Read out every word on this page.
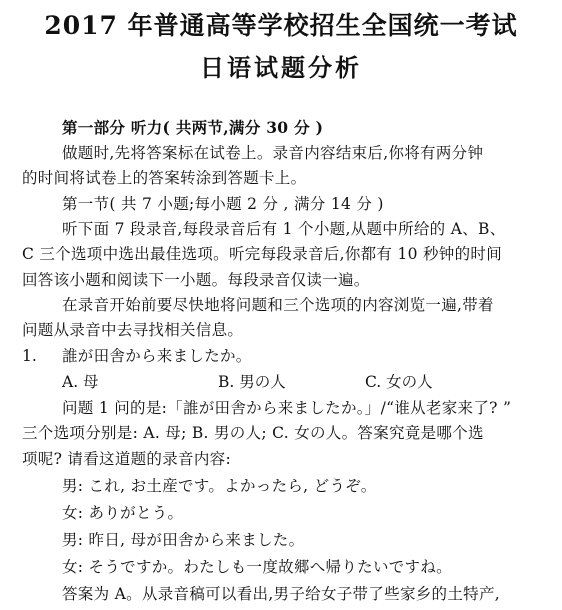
2017 年普通高等学校招生全国统一考试
日语试题分析
第一部分 听力( 共两节,满分 30 分 )
做题时,先将答案标在试卷上。录音内容结束后,你将有两分钟
的时间将试卷上的答案转涂到答题卡上。
第一节( 共 7 小题;每小题 2 分 , 满分 14 分 )
听下面 7 段录音,每段录音后有 1 个小题,从题中所给的 A、B、
C 三个选项中选出最佳选项。听完每段录音后,你都有 10 秒钟的时间
回答该小题和阅读下一小题。每段录音仅读一遍。
在录音开始前要尽快地将问题和三个选项的内容浏览一遍,带着
问题从录音中去寻找相关信息。
1. 誰が田舎から来ましたか。
A. 母	B. 男の人	C. 女の人
问题 1 问的是:「誰が田舎から来ましたか。」/“谁从老家来了? ”
三个选项分别是: A. 母; B. 男の人; C. 女の人。答案究竟是哪个选
项呢? 请看这道题的录音内容:
男: これ, お土産です。よかったら, どうぞ。
女: ありがとう。
男: 昨日, 母が田舎から来ました。
女: そうですか。わたしも一度故郷へ帰りたいですね。
答案为 A。从录音稿可以看出,男子给女子带了些家乡的土特产,
